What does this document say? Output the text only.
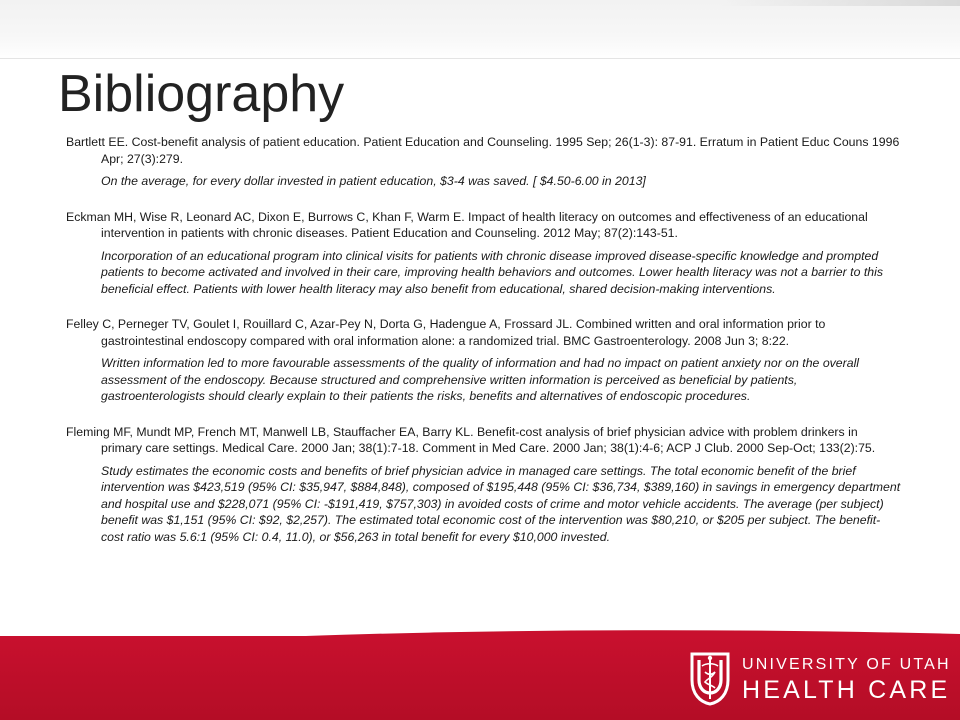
Bibliography

Bartlett EE. Cost-benefit analysis of patient education. Patient Education and Counseling. 1995 Sep; 26(1-3): 87-91. Erratum in Patient Educ Couns 1996 Apr; 27(3):279.

On the average, for every dollar invested in patient education, $3-4 was saved. [ $4.50-6.00 in 2013]

Eckman MH, Wise R, Leonard AC, Dixon E, Burrows C, Khan F, Warm E. Impact of health literacy on outcomes and effectiveness of an educational intervention in patients with chronic diseases. Patient Education and Counseling. 2012 May; 87(2):143-51.

Incorporation of an educational program into clinical visits for patients with chronic disease improved disease-specific knowledge and prompted patients to become activated and involved in their care, improving health behaviors and outcomes. Lower health literacy was not a barrier to this beneficial effect. Patients with lower health literacy may also benefit from educational, shared decision-making interventions.

Felley C, Perneger TV, Goulet I, Rouillard C, Azar-Pey N, Dorta G, Hadengue A, Frossard JL. Combined written and oral information prior to gastrointestinal endoscopy compared with oral information alone: a randomized trial. BMC Gastroenterology. 2008 Jun 3; 8:22.

Written information led to more favourable assessments of the quality of information and had no impact on patient anxiety nor on the overall assessment of the endoscopy. Because structured and comprehensive written information is perceived as beneficial by patients, gastroenterologists should clearly explain to their patients the risks, benefits and alternatives of endoscopic procedures.

Fleming MF, Mundt MP, French MT, Manwell LB, Stauffacher EA, Barry KL. Benefit-cost analysis of brief physician advice with problem drinkers in primary care settings. Medical Care. 2000 Jan; 38(1):7-18. Comment in Med Care. 2000 Jan; 38(1):4-6; ACP J Club. 2000 Sep-Oct; 133(2):75.

Study estimates the economic costs and benefits of brief physician advice in managed care settings. The total economic benefit of the brief intervention was $423,519 (95% CI: $35,947, $884,848), composed of $195,448 (95% CI: $36,734, $389,160) in savings in emergency department and hospital use and $228,071 (95% CI: -$191,419, $757,303) in avoided costs of crime and motor vehicle accidents. The average (per subject) benefit was $1,151 (95% CI: $92, $2,257). The estimated total economic cost of the intervention was $80,210, or $205 per subject. The benefit-cost ratio was 5.6:1 (95% CI: 0.4, 11.0), or $56,263 in total benefit for every $10,000 invested.

UNIVERSITY OF UTAH
HEALTH CARE
